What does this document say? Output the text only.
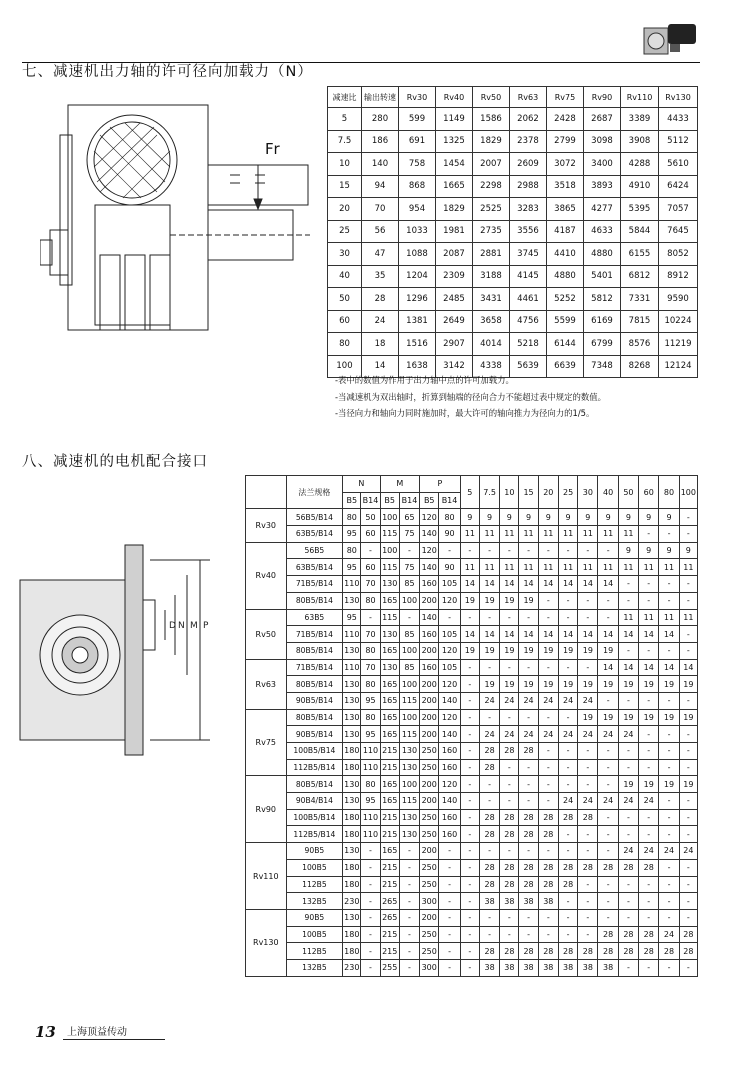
七、减速机出力轴的许可径向加载力（N）
Fr
减速比	输出转速	Rv30	Rv40	Rv50	Rv63	Rv75	Rv90	Rv110	Rv130
5	280	599	1149	1586	2062	2428	2687	3389	4433
7.5	186	691	1325	1829	2378	2799	3098	3908	5112
10	140	758	1454	2007	2609	3072	3400	4288	5610
15	94	868	1665	2298	2988	3518	3893	4910	6424
20	70	954	1829	2525	3283	3865	4277	5395	7057
25	56	1033	1981	2735	3556	4187	4633	5844	7645
30	47	1088	2087	2881	3745	4410	4880	6155	8052
40	35	1204	2309	3188	4145	4880	5401	6812	8912
50	28	1296	2485	3431	4461	5252	5812	7331	9590
60	24	1381	2649	3658	4756	5599	6169	7815	10224
80	18	1516	2907	4014	5218	6144	6799	8576	11219
100	14	1638	3142	4338	5639	6639	7348	8268	12124
-表中的数值为作用于出力轴中点的许可加载力。
-当减速机为双出轴时，折算到轴端的径向合力不能超过表中规定的数值。
-当径向力和轴向力同时施加时，最大许可的轴向推力为径向力的1/5。
八、减速机的电机配合接口
D N M P
	法兰规格	N		M		P		5	7.5	10	15	20	25	30	40	50	60	80	100
		B5	B14	B5	B14	B5	B14												
Rv30	56B5/B14	80	50	100	65	120	80	9	9	9	9	9	9	9	9	9	9	9	-
	63B5/B14	95	60	115	75	140	90	11	11	11	11	11	11	11	11	11	-	-	-
Rv40	56B5	80	-	100	-	120	-	-	-	-	-	-	-	-	-	9	9	9	9
	63B5/B14	95	60	115	75	140	90	11	11	11	11	11	11	11	11	11	11	11	11
	71B5/B14	110	70	130	85	160	105	14	14	14	14	14	14	14	14	-	-	-	-
	80B5/B14	130	80	165	100	200	120	19	19	19	19	-	-	-	-	-	-	-	-
Rv50	63B5	95	-	115	-	140	-	-	-	-	-	-	-	-	-	11	11	11	11
	71B5/B14	110	70	130	85	160	105	14	14	14	14	14	14	14	14	14	14	14	-
	80B5/B14	130	80	165	100	200	120	19	19	19	19	19	19	19	19	-	-	-	-
Rv63	71B5/B14	110	70	130	85	160	105	-	-	-	-	-	-	-	14	14	14	14	14
	80B5/B14	130	80	165	100	200	120	-	19	19	19	19	19	19	19	19	19	19	19
	90B5/B14	130	95	165	115	200	140	-	24	24	24	24	24	24	-	-	-	-	-
Rv75	80B5/B14	130	80	165	100	200	120	-	-	-	-	-	-	19	19	19	19	19	19
	90B5/B14	130	95	165	115	200	140	-	24	24	24	24	24	24	24	24	-	-	-
	100B5/B14	180	110	215	130	250	160	-	28	28	28	-	-	-	-	-	-	-	-
	112B5/B14	180	110	215	130	250	160	-	28	-	-	-	-	-	-	-	-	-	-
Rv90	80B5/B14	130	80	165	100	200	120	-	-	-	-	-	-	-	-	19	19	19	19
	90B4/B14	130	95	165	115	200	140	-	-	-	-	-	24	24	24	24	24	-	-
	100B5/B14	180	110	215	130	250	160	-	28	28	28	28	28	28	-	-	-	-	-
	112B5/B14	180	110	215	130	250	160	-	28	28	28	28	-	-	-	-	-	-	-
Rv110	90B5	130	-	165	-	200	-	-	-	-	-	-	-	-	-	24	24	24	24
	100B5	180	-	215	-	250	-	-	28	28	28	28	28	28	28	28	28	-	-
	112B5	180	-	215	-	250	-	-	28	28	28	28	28	-	-	-	-	-	-
	132B5	230	-	265	-	300	-	-	38	38	38	38	-	-	-	-	-	-	-
Rv130	90B5	130	-	265	-	200	-	-	-	-	-	-	-	-	-	-	-	-	-
	100B5	180	-	215	-	250	-	-	-	-	-	-	-	-	28	28	28	24	28
	112B5	180	-	215	-	250	-	-	28	28	28	28	28	28	28	28	28	28	28
	132B5	230	-	255	-	300	-	-	38	38	38	38	38	38	38	-	-	-	-
13 上海顶益传动
